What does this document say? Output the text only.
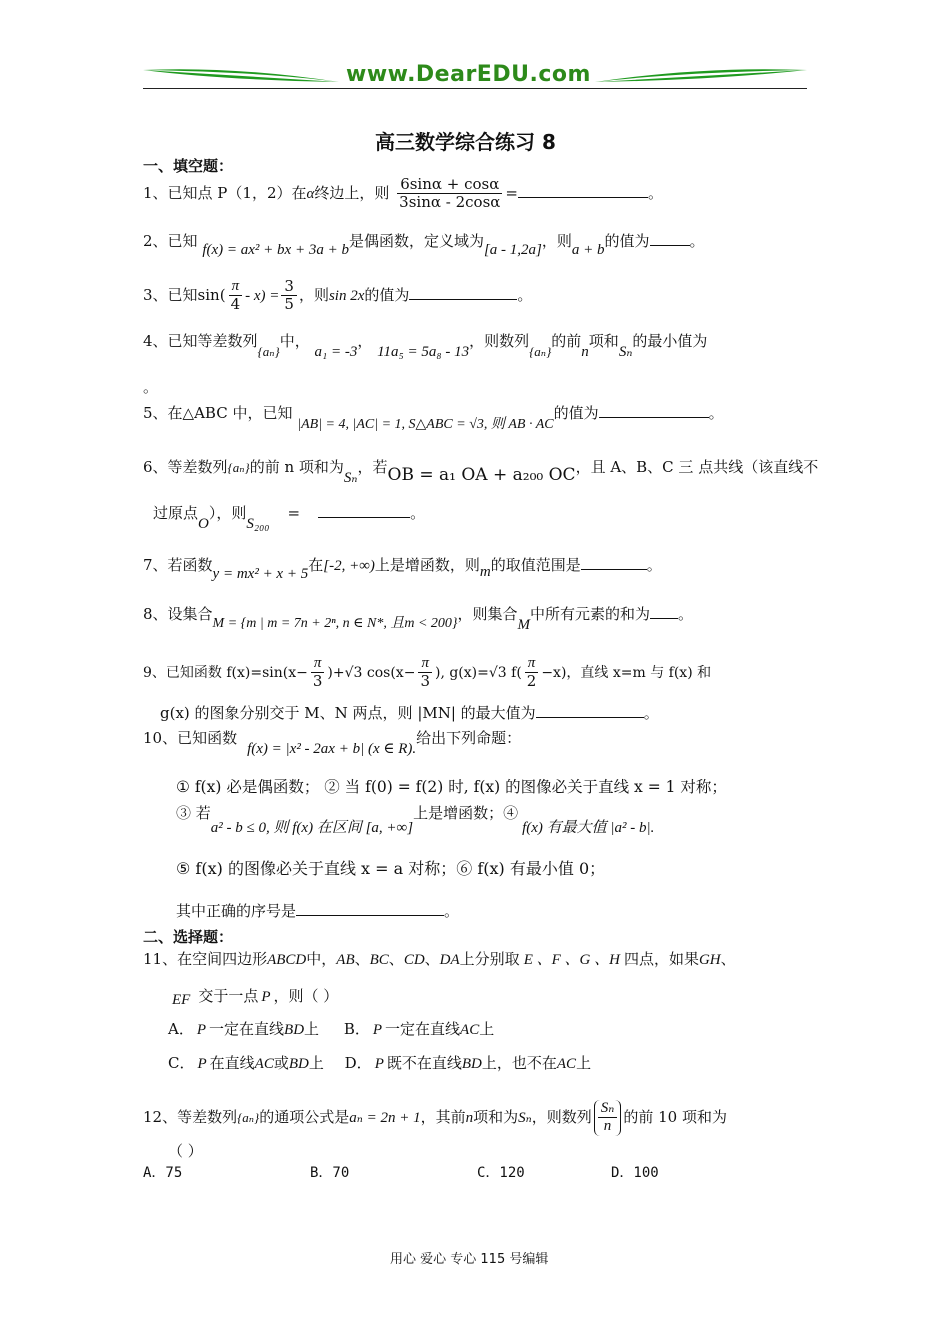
www.DearEDU.com
高三数学综合练习 8
一、填空题：
1、已知点 P（1，2）在α终边上，则 $\frac{6\sin\alpha + \cos\alpha}{3\sin\alpha - 2\cos\alpha}$ =	。
2、已知 f(x) = ax² + bx + 3a + b是偶函数，定义域为[a - 1,2a]，则a + b的值为	。
3、已知$\sin( \frac{\pi}{4} - x) = \frac{3}{5}$ ，则sin 2x的值为	。
4、已知等差数列{aₙ}中， a₁ = -3， 11a₅ = 5a₈ - 13，则数列{aₙ}的前n项和Sₙ的最小值为
。
5、在△ABC 中，已知 |AB| = 4, |AC| = 1, S△ABC = √3, 则 AB · AC的值为	。
6、等差数列{aₙ}的前 n 项和为Sₙ，若OB = a₁ OA + a₂₀₀ OC，且 A、B、C 三 点共线（该直线不
过原点O），则S₂₀₀=	。
7、若函数y = mx² + x + 5在[-2, +∞)上是增函数，则m的取值范围是	。
8、设集合M = {m | m = 7n + 2ⁿ, n ∈ N*, 且m < 200}，则集合M中所有元素的和为 。
9、已知函数 $f(x)=\sin(x- \frac{\pi}{3} )+√3$ $\cos(x- \frac{\pi}{3}$ ), g(x)=√3 $f( \frac{\pi}{2} -x)$，直线 x=m 与 f(x) 和
g(x) 的图象分别交于 M、N 两点，则 |MN| 的最大值为	。
10、已知函数f(x) = |x² - 2ax + b| (x ∈ R).给出下列命题：
① f(x) 必是偶函数； ② 当 f(0) = f(2) 时, f(x) 的图像必关于直线 x = 1 对称；
③ 若a² - b ≤ 0, 则 f(x) 在区间 [a, +∞]上是增函数；④f(x) 有最大值 |a² - b|.
⑤ f(x) 的图像必关于直线 x = a 对称；⑥ f(x) 有最小值 0；
其中正确的序号是	。
二、选择题：
11、在空间四边形ABCD中，AB、BC、CD、DA上分别取 E 、F 、G 、H 四点，如果GH、
EF 交于一点 P ，则（ ）
A． P 一定在直线BD上 B． P 一定在直线AC上
C． P 在直线AC或BD上 D． P 既不在直线BD上，也不在AC上
12、等差数列{aₙ}的通项公式是aₙ = 2n + 1，其前n项和为Sₙ，则数列 $\frac{\text{Sₙ}}{n}$ 的前 10 项和为
（ ）
A．75	B．70	C．120	D．100
用心 爱心 专心 115 号编辑
